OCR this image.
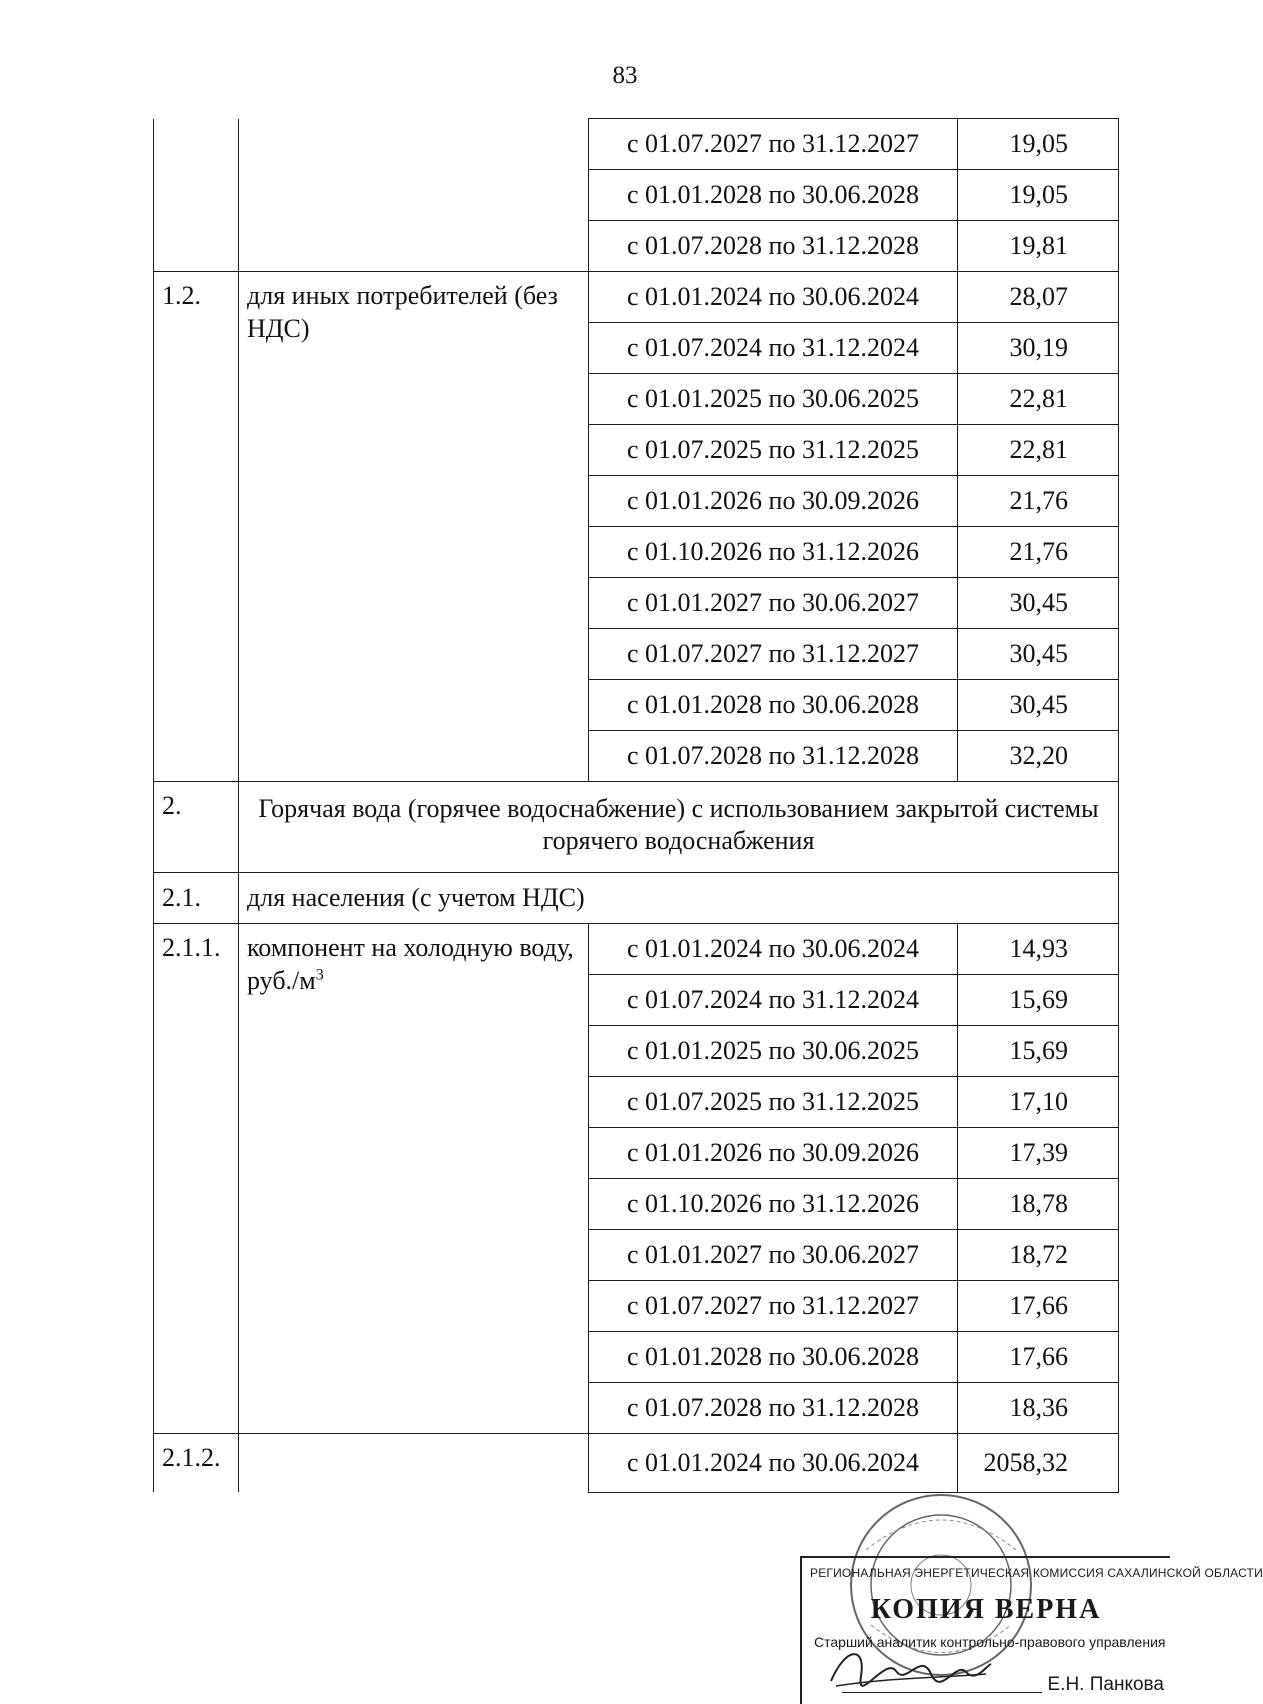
83
		с 01.07.2027 по 31.12.2027	19,05
		с 01.01.2028 по 30.06.2028	19,05
		с 01.07.2028 по 31.12.2028	19,81
1.2.	для иных потребителей (без НДС)	с 01.01.2024 по 30.06.2024	28,07
		с 01.07.2024 по 31.12.2024	30,19
		с 01.01.2025 по 30.06.2025	22,81
		с 01.07.2025 по 31.12.2025	22,81
		с 01.01.2026 по 30.09.2026	21,76
		с 01.10.2026 по 31.12.2026	21,76
		с 01.01.2027 по 30.06.2027	30,45
		с 01.07.2027 по 31.12.2027	30,45
		с 01.01.2028 по 30.06.2028	30,45
		с 01.07.2028 по 31.12.2028	32,20
2.	Горячая вода (горячее водоснабжение) с использованием закрытой системы горячего водоснабжения		
2.1.	для населения (с учетом НДС)		
2.1.1.	компонент на холодную воду, $руб./м^3$	с 01.01.2024 по 30.06.2024	14,93
		с 01.07.2024 по 31.12.2024	15,69
		с 01.01.2025 по 30.06.2025	15,69
		с 01.07.2025 по 31.12.2025	17,10
		с 01.01.2026 по 30.09.2026	17,39
		с 01.10.2026 по 31.12.2026	18,78
		с 01.01.2027 по 30.06.2027	18,72
		с 01.07.2027 по 31.12.2027	17,66
		с 01.01.2028 по 30.06.2028	17,66
		с 01.07.2028 по 31.12.2028	18,36
2.1.2.		с 01.01.2024 по 30.06.2024	2058,32
РЕГИОНАЛЬНАЯ ЭНЕРГЕТИЧЕСКАЯ КОМИССИЯ САХАЛИНСКОЙ ОБЛАСТИ
КОПИЯ ВЕРНА
Старший аналитик контрольно-правового управления
Е.Н. Панкова
